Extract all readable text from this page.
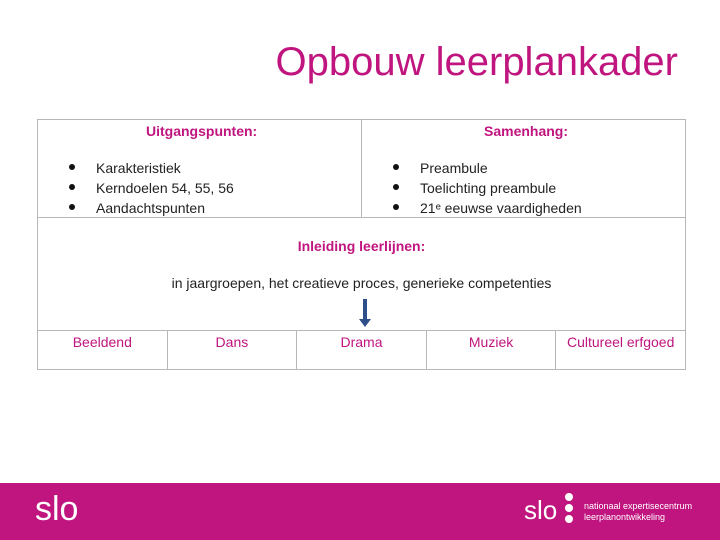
Opbouw leerplankader
Uitgangspunten:
Karakteristiek
Kerndoelen 54, 55, 56
Aandachtspunten
Samenhang:
Preambule
Toelichting preambule
21ᵉ eeuwse vaardigheden
Inleiding leerlijnen:
in jaargroepen, het creatieve proces, generieke competenties
Beeldend	Dans	Drama	Muziek	Cultureel erfgoed
slo	slo	nationaal expertisecentrum
leerplanontwikkeling
